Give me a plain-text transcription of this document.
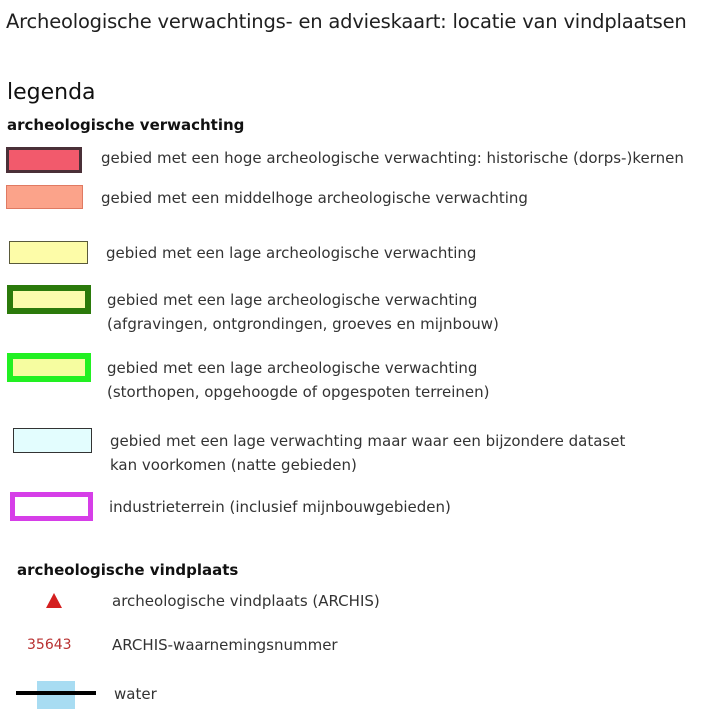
Archeologische verwachtings- en advieskaart: locatie van vindplaatsen
legenda
archeologische verwachting
gebied met een hoge archeologische verwachting: historische (dorps-)kernen
gebied met een middelhoge archeologische verwachting
gebied met een lage archeologische verwachting
gebied met een lage archeologische verwachting
(afgravingen, ontgrondingen, groeves en mijnbouw)
gebied met een lage archeologische verwachting
(storthopen, opgehoogde of opgespoten terreinen)
gebied met een lage verwachting maar waar een bijzondere dataset
kan voorkomen (natte gebieden)
industrieterrein (inclusief mijnbouwgebieden)
archeologische vindplaats
archeologische vindplaats (ARCHIS)
35643	ARCHIS-waarnemingsnummer
water
